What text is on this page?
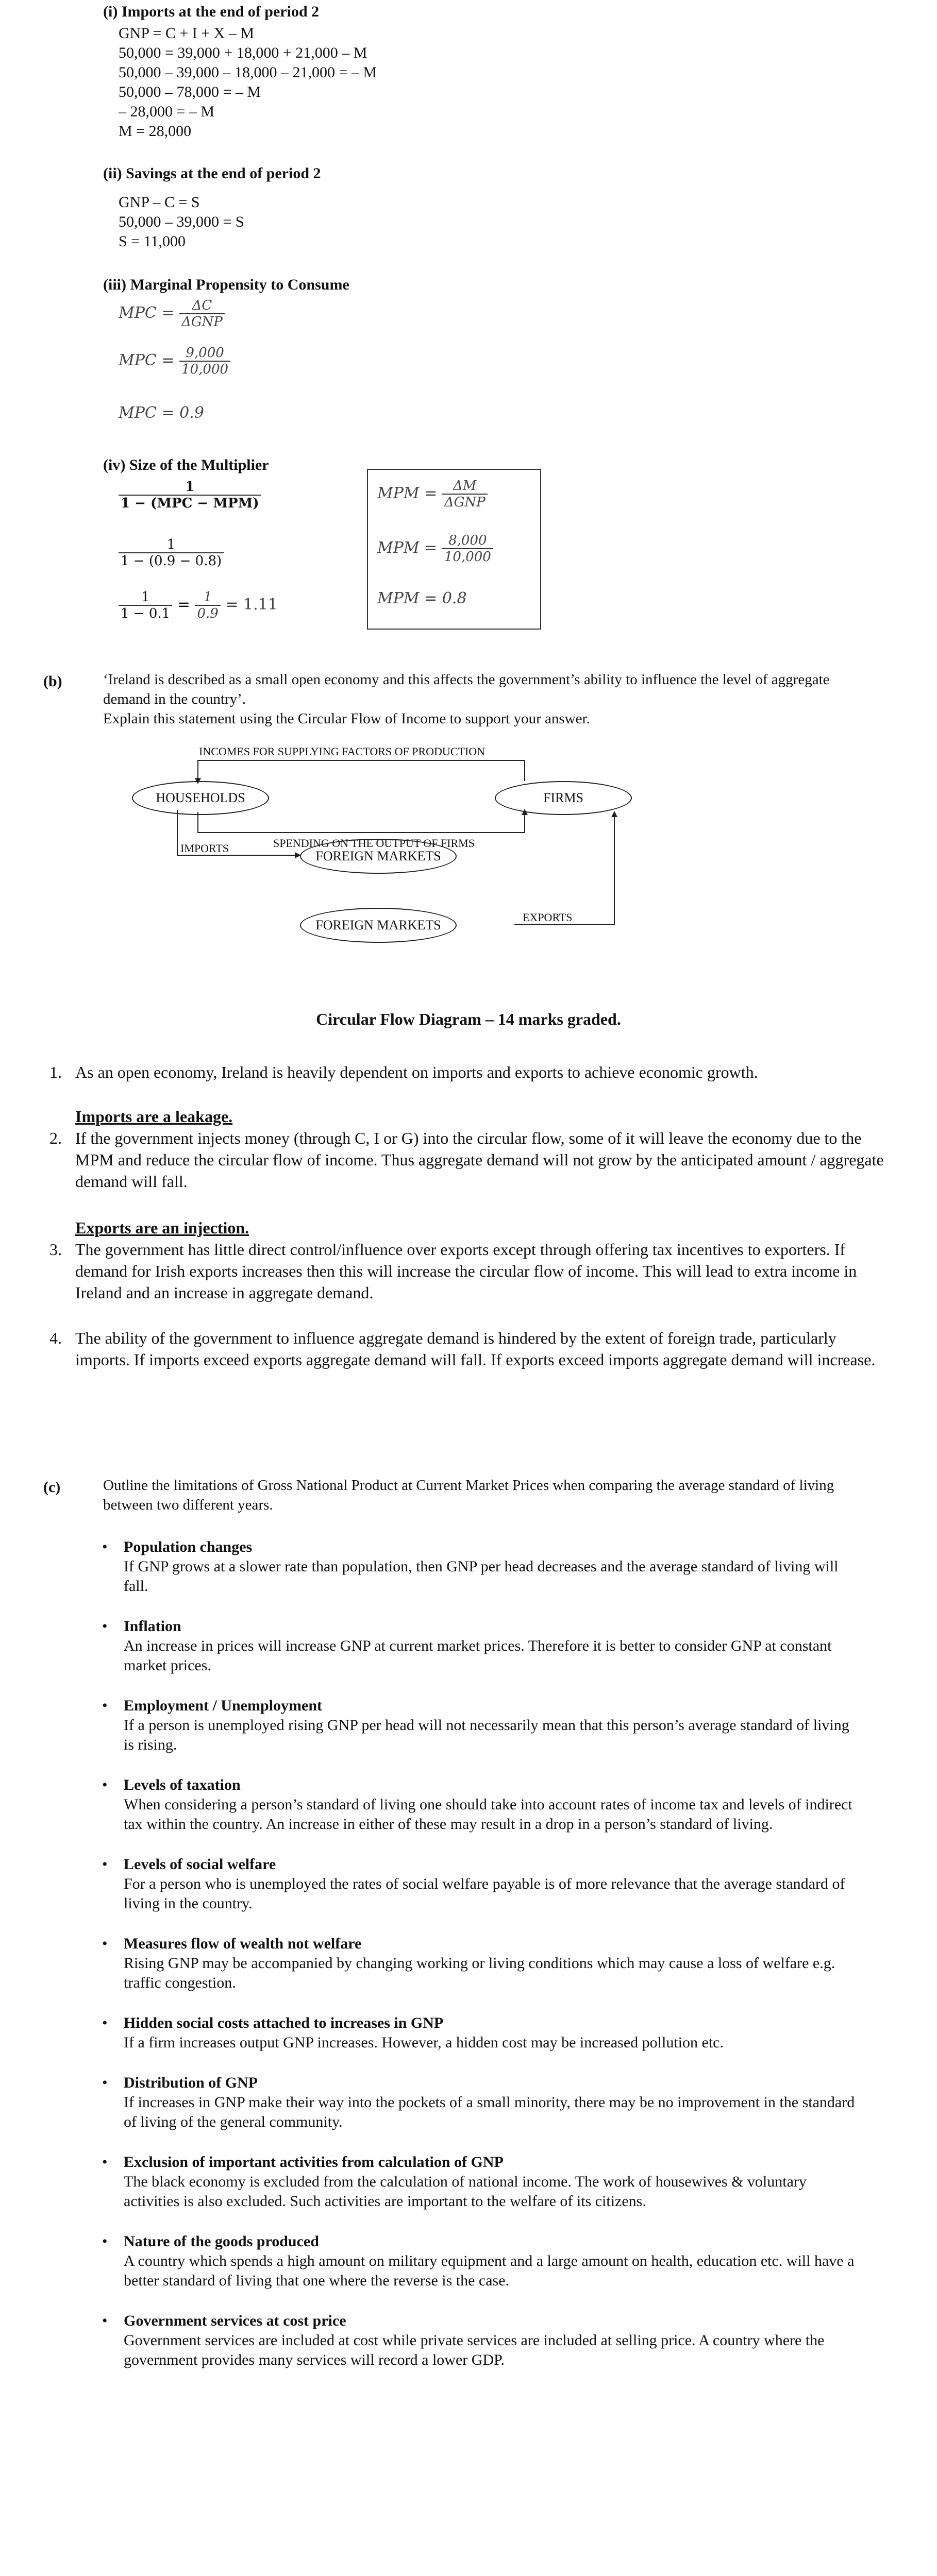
(i) Imports at the end of period 2
GNP = C + I + X – M
50,000 = 39,000 + 18,000 + 21,000 – M
50,000 – 39,000 – 18,000 – 21,000 = – M
50,000 – 78,000 = – M
– 28,000 = – M
M = 28,000
(ii) Savings at the end of period 2
GNP – C = S
50,000 – 39,000 = S
S = 11,000
(iii) Marginal Propensity to Consume
MPC = $\frac{\Delta C}{\text{ΔGNP}}$
MPC = $\frac{9,000}{10,000}$
MPC = 0.9
(iv) Size of the Multiplier
$\frac{1}{\text{1 − (MPC − MPM)}}$
$\frac{1}{1 - (0.9 - 0.8)}$
$\frac{1}{1 - 0.1} = \frac{1}{0.9} = 1.11$
MPM = $\frac{\Delta M}{\text{ΔGNP}}$
MPM = $\frac{8,000}{10,000}$
MPM = 0.8
(b)	‘Ireland is described as a small open economy and this affects the government’s ability to influence the level of aggregate demand in the country’.
Explain this statement using the Circular Flow of Income to support your answer.
INCOMES FOR SUPPLYING FACTORS OF PRODUCTION
HOUSEHOLDS	FIRMS
SPENDING ON THE OUTPUT OF FIRMS
IMPORTS
FOREIGN MARKETS
FOREIGN MARKETS
EXPORTS
Circular Flow Diagram – 14 marks graded.
1. As an open economy, Ireland is heavily dependent on imports and exports to achieve economic growth.
Imports are a leakage.
2. If the government injects money (through C, I or G) into the circular flow, some of it will leave the economy due to the MPM and reduce the circular flow of income. Thus aggregate demand will not grow by the anticipated amount / aggregate demand will fall.
Exports are an injection.
3. The government has little direct control/influence over exports except through offering tax incentives to exporters. If demand for Irish exports increases then this will increase the circular flow of income. This will lead to extra income in Ireland and an increase in aggregate demand.
4. The ability of the government to influence aggregate demand is hindered by the extent of foreign trade, particularly imports. If imports exceed exports aggregate demand will fall. If exports exceed imports aggregate demand will increase.
(c)	Outline the limitations of Gross National Product at Current Market Prices when comparing the average standard of living between two different years.
• Population changes
If GNP grows at a slower rate than population, then GNP per head decreases and the average standard of living will fall.
• Inflation
An increase in prices will increase GNP at current market prices. Therefore it is better to consider GNP at constant market prices.
• Employment / Unemployment
If a person is unemployed rising GNP per head will not necessarily mean that this person’s average standard of living is rising.
• Levels of taxation
When considering a person’s standard of living one should take into account rates of income tax and levels of indirect tax within the country. An increase in either of these may result in a drop in a person’s standard of living.
• Levels of social welfare
For a person who is unemployed the rates of social welfare payable is of more relevance that the average standard of living in the country.
• Measures flow of wealth not welfare
Rising GNP may be accompanied by changing working or living conditions which may cause a loss of welfare e.g. traffic congestion.
• Hidden social costs attached to increases in GNP
If a firm increases output GNP increases. However, a hidden cost may be increased pollution etc.
• Distribution of GNP
If increases in GNP make their way into the pockets of a small minority, there may be no improvement in the standard of living of the general community.
• Exclusion of important activities from calculation of GNP
The black economy is excluded from the calculation of national income. The work of housewives & voluntary activities is also excluded. Such activities are important to the welfare of its citizens.
• Nature of the goods produced
A country which spends a high amount on military equipment and a large amount on health, education etc. will have a better standard of living that one where the reverse is the case.
• Government services at cost price
Government services are included at cost while private services are included at selling price. A country where the government provides many services will record a lower GDP.
